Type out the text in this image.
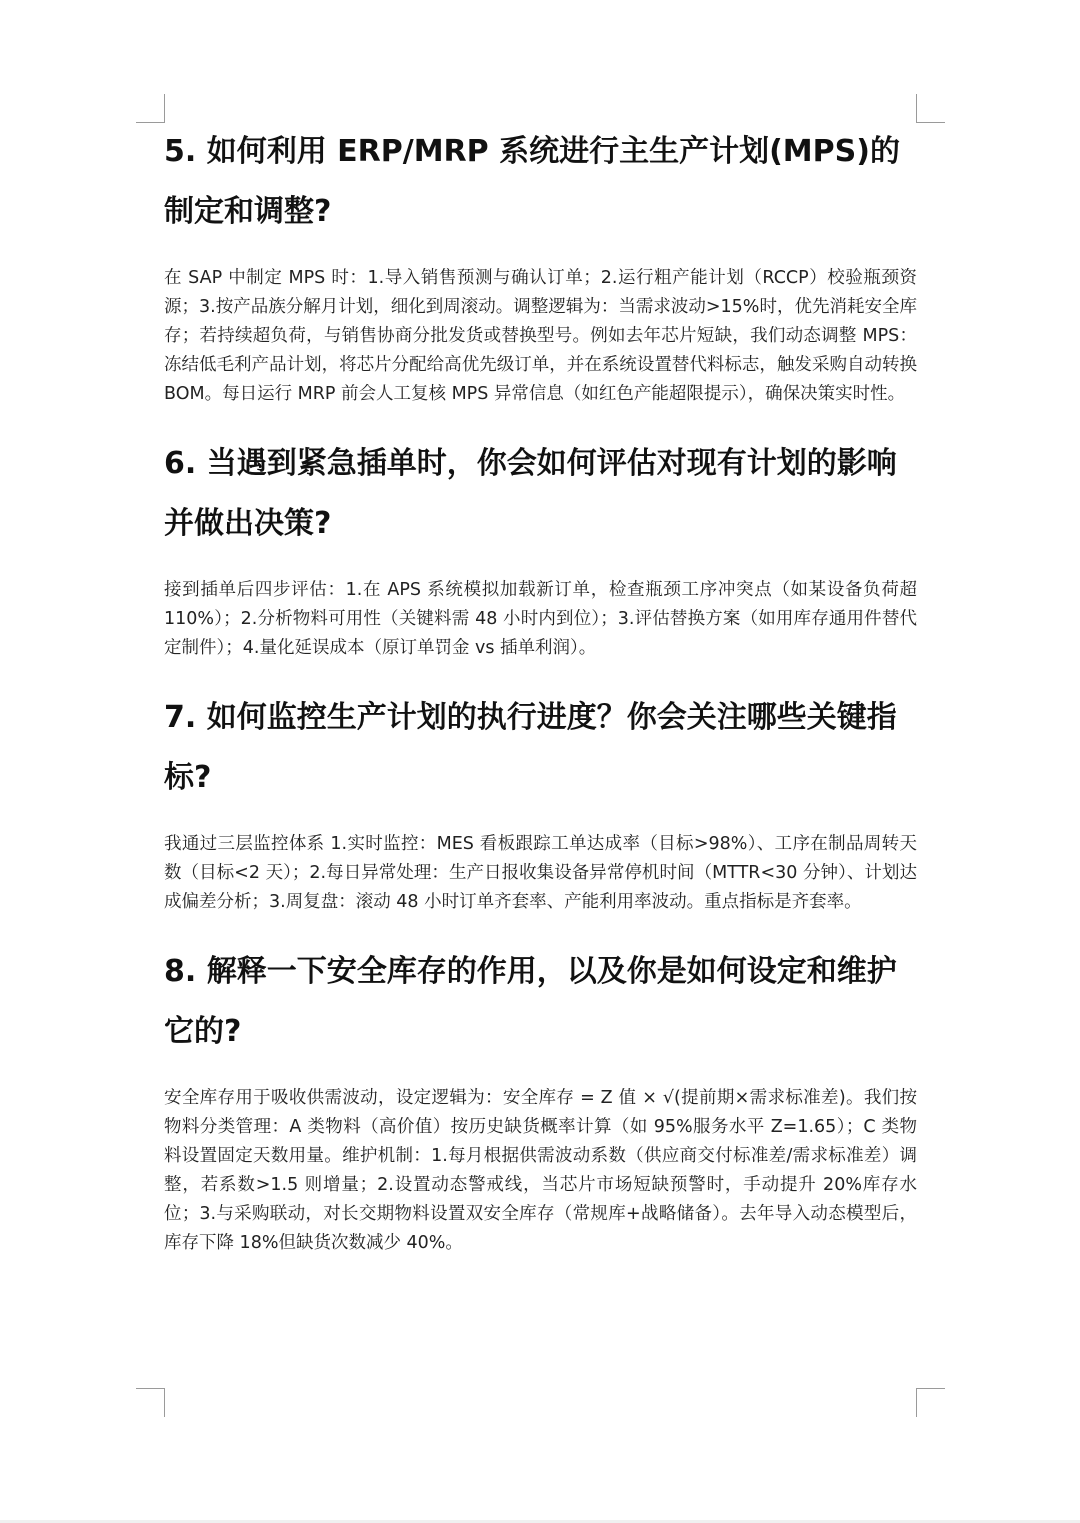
5. 如何利用 ERP/MRP 系统进行主生产计划(MPS)的制定和调整?

在 SAP 中制定 MPS 时：1.导入销售预测与确认订单；2.运行粗产能计划（RCCP）校验瓶颈资源；3.按产品族分解月计划，细化到周滚动。调整逻辑为：当需求波动>15%时，优先消耗安全库存；若持续超负荷，与销售协商分批发货或替换型号。例如去年芯片短缺，我们动态调整 MPS：冻结低毛利产品计划，将芯片分配给高优先级订单，并在系统设置替代料标志，触发采购自动转换 BOM。每日运行 MRP 前会人工复核 MPS 异常信息（如红色产能超限提示），确保决策实时性。

6. 当遇到紧急插单时，你会如何评估对现有计划的影响并做出决策?

接到插单后四步评估：1.在 APS 系统模拟加载新订单，检查瓶颈工序冲突点（如某设备负荷超 110%）；2.分析物料可用性（关键料需 48 小时内到位）；3.评估替换方案（如用库存通用件替代定制件）；4.量化延误成本（原订单罚金 vs 插单利润）。

7. 如何监控生产计划的执行进度？你会关注哪些关键指标?

我通过三层监控体系 1.实时监控：MES 看板跟踪工单达成率（目标>98%）、工序在制品周转天数（目标<2 天）；2.每日异常处理：生产日报收集设备异常停机时间（MTTR<30 分钟）、计划达成偏差分析；3.周复盘：滚动 48 小时订单齐套率、产能利用率波动。重点指标是齐套率。

8. 解释一下安全库存的作用，以及你是如何设定和维护它的?

安全库存用于吸收供需波动，设定逻辑为：安全库存 = Z 值 × √(提前期×需求标准差)。我们按物料分类管理：A 类物料（高价值）按历史缺货概率计算（如 95%服务水平 Z=1.65）；C 类物料设置固定天数用量。维护机制：1.每月根据供需波动系数（供应商交付标准差/需求标准差）调整，若系数>1.5 则增量；2.设置动态警戒线，当芯片市场短缺预警时，手动提升 20%库存水位；3.与采购联动，对长交期物料设置双安全库存（常规库+战略储备）。去年导入动态模型后，库存下降 18%但缺货次数减少 40%。
